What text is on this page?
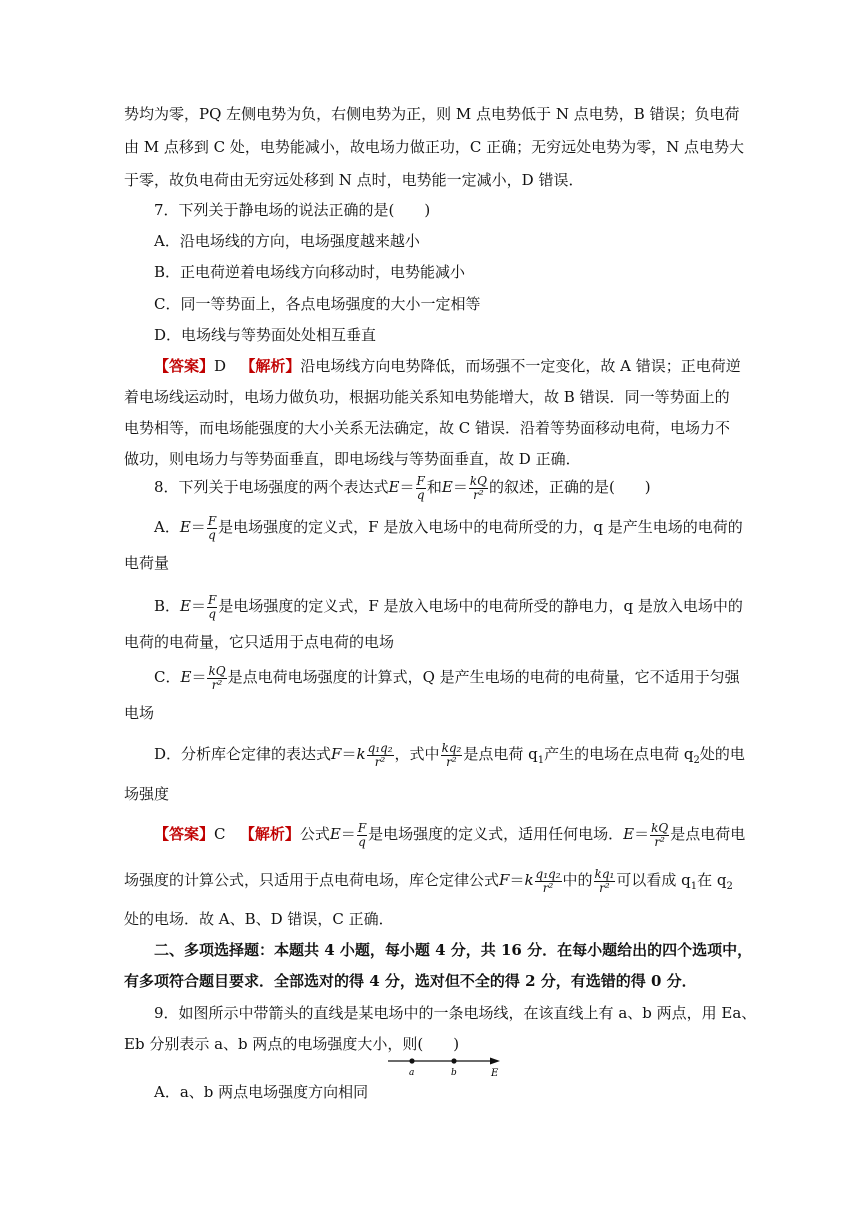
势均为零，PQ 左侧电势为负，右侧电势为正，则 M 点电势低于 N 点电势，B 错误；负电荷
由 M 点移到 C 处，电势能减小，故电场力做正功，C 正确；无穷远处电势为零，N 点电势大
于零，故负电荷由无穷远处移到 N 点时，电势能一定减小，D 错误．
7．下列关于静电场的说法正确的是(　　)
A．沿电场线的方向，电场强度越来越小
B．正电荷逆着电场线方向移动时，电势能减小
C．同一等势面上，各点电场强度的大小一定相等
D．电场线与等势面处处相互垂直
【答案】D 【解析】沿电场线方向电势降低，而场强不一定变化，故 A 错误；正电荷逆
着电场线运动时，电场力做负功，根据功能关系知电势能增大，故 B 错误．同一等势面上的
电势相等，而电场能强度的大小关系无法确定，故 C 错误．沿着等势面移动电荷，电场力不
做功，则电场力与等势面垂直，即电场线与等势面垂直，故 D 正确．
8．下列关于电场强度的两个表达式$E= \frac{F}{q}$ 和$E= \frac{kQ}{\text{r²}}$ 的叙述，正确的是(　　)
A．$E= \frac{F}{q}$ 是电场强度的定义式，F 是放入电场中的电荷所受的力，q 是产生电场的电荷的
电荷量
B．$E= \frac{F}{q}$ 是电场强度的定义式，F 是放入电场中的电荷所受的静电力，q 是放入电场中的
电荷的电荷量，它只适用于点电荷的电场
C．$E= \frac{kQ}{\text{r²}}$ 是点电荷电场强度的计算式，Q 是产生电场的电荷的电荷量，它不适用于匀强
电场
D．分析库仑定律的表达式$F=k \frac{\text{q₁q₂}}{\text{r²}}$ ，式中 $\frac{\text{kq₂}}{\text{r²}}$ 是点电荷 $q_1$产生的电场在点电荷 $q_2$处的电
场强度
【答案】C 【解析】公式$E= \frac{F}{q}$ 是电场强度的定义式，适用任何电场．$E= \frac{kQ}{\text{r²}}$ 是点电荷电
场强度的计算公式，只适用于点电荷电场，库仑定律公式$F=k \frac{\text{q₁q₂}}{\text{r²}}$ 中的 $\frac{\text{kq₁}}{\text{r²}}$ 可以看成 $q_1$在 $q_2$
处的电场．故 A、B、D 错误，C 正确．
二、多项选择题：本题共 4 小题，每小题 4 分，共 16 分．在每小题给出的四个选项中，
有多项符合题目要求．全部选对的得 4 分，选对但不全的得 2 分，有选错的得 0 分．
9．如图所示中带箭头的直线是某电场中的一条电场线，在该直线上有 a、b 两点，用 Ea、
Eb 分别表示 a、b 两点的电场强度大小，则(　　)
a	b	E
A．a、b 两点电场强度方向相同
